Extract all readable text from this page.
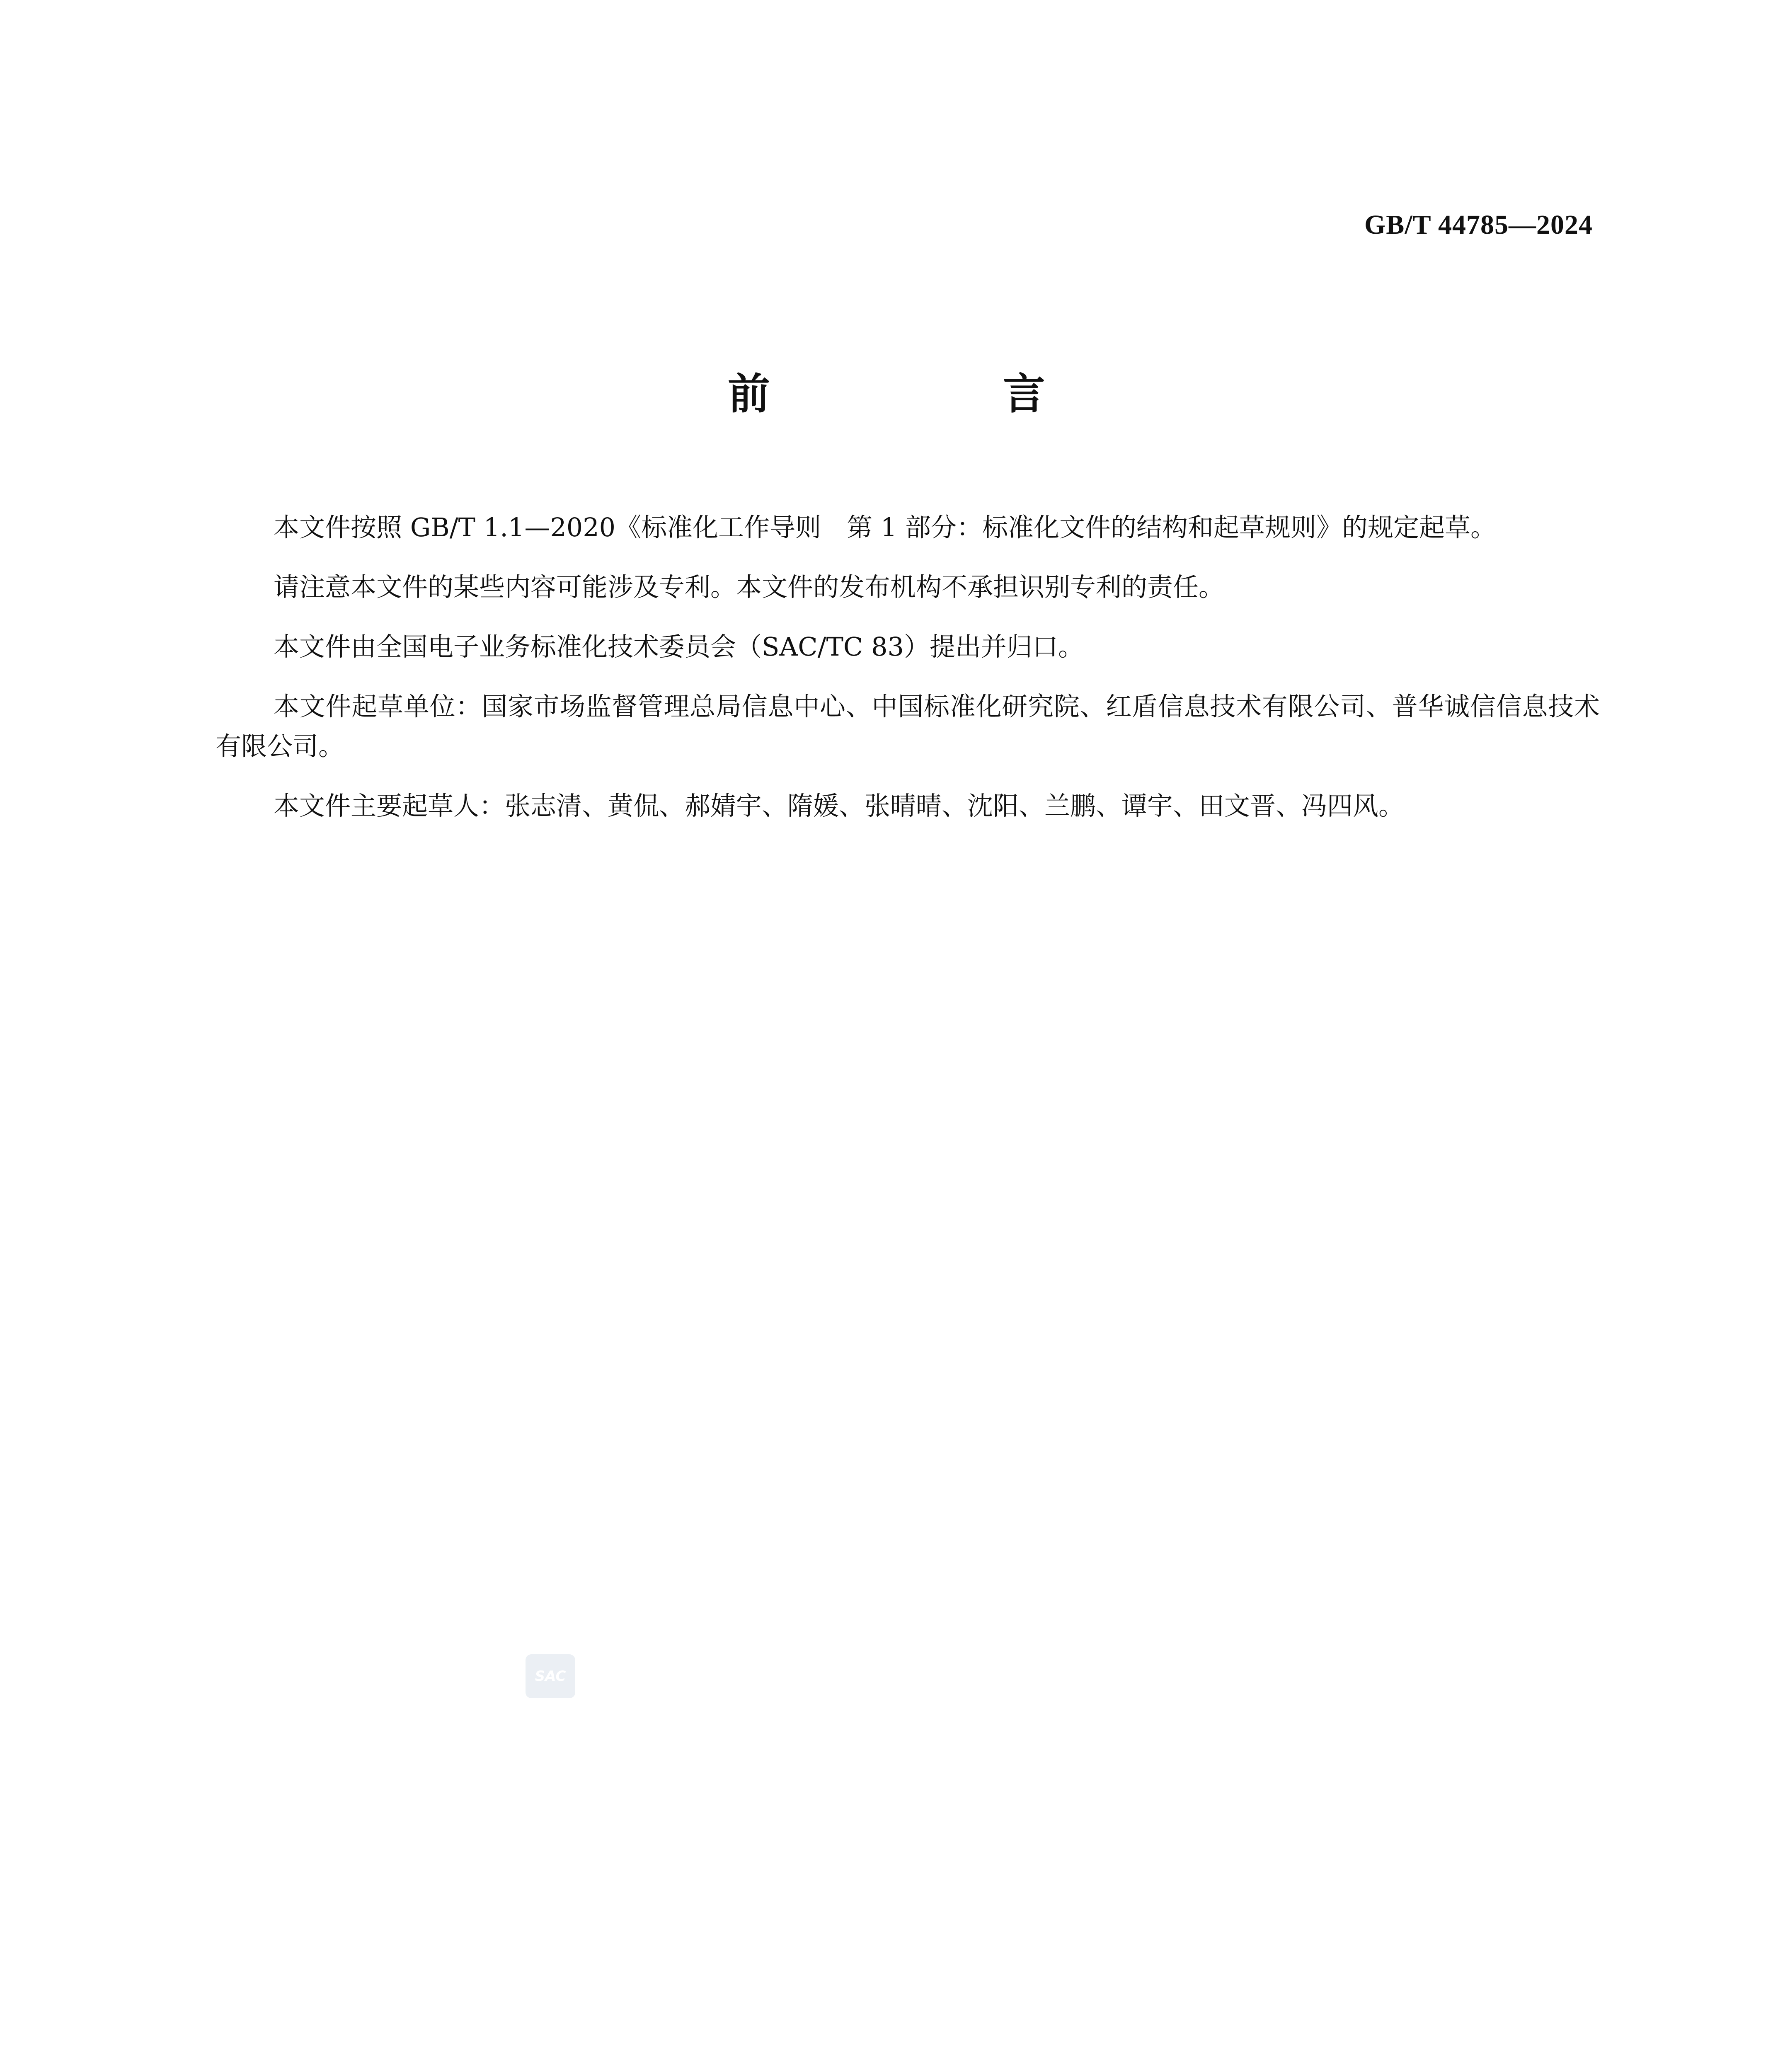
GB/T 44785—2024
前　言

本文件按照 GB/T 1.1—2020《标准化工作导则　第 1 部分：标准化文件的结构和起草规则》的规定起草。

请注意本文件的某些内容可能涉及专利。本文件的发布机构不承担识别专利的责任。

本文件由全国电子业务标准化技术委员会（SAC/TC 83）提出并归口。

本文件起草单位：国家市场监督管理总局信息中心、中国标准化研究院、红盾信息技术有限公司、普华诚信信息技术有限公司。

本文件主要起草人：张志清、黄侃、郝婧宇、隋媛、张晴晴、沈阳、兰鹏、谭宇、田文晋、冯四风。

SAC
